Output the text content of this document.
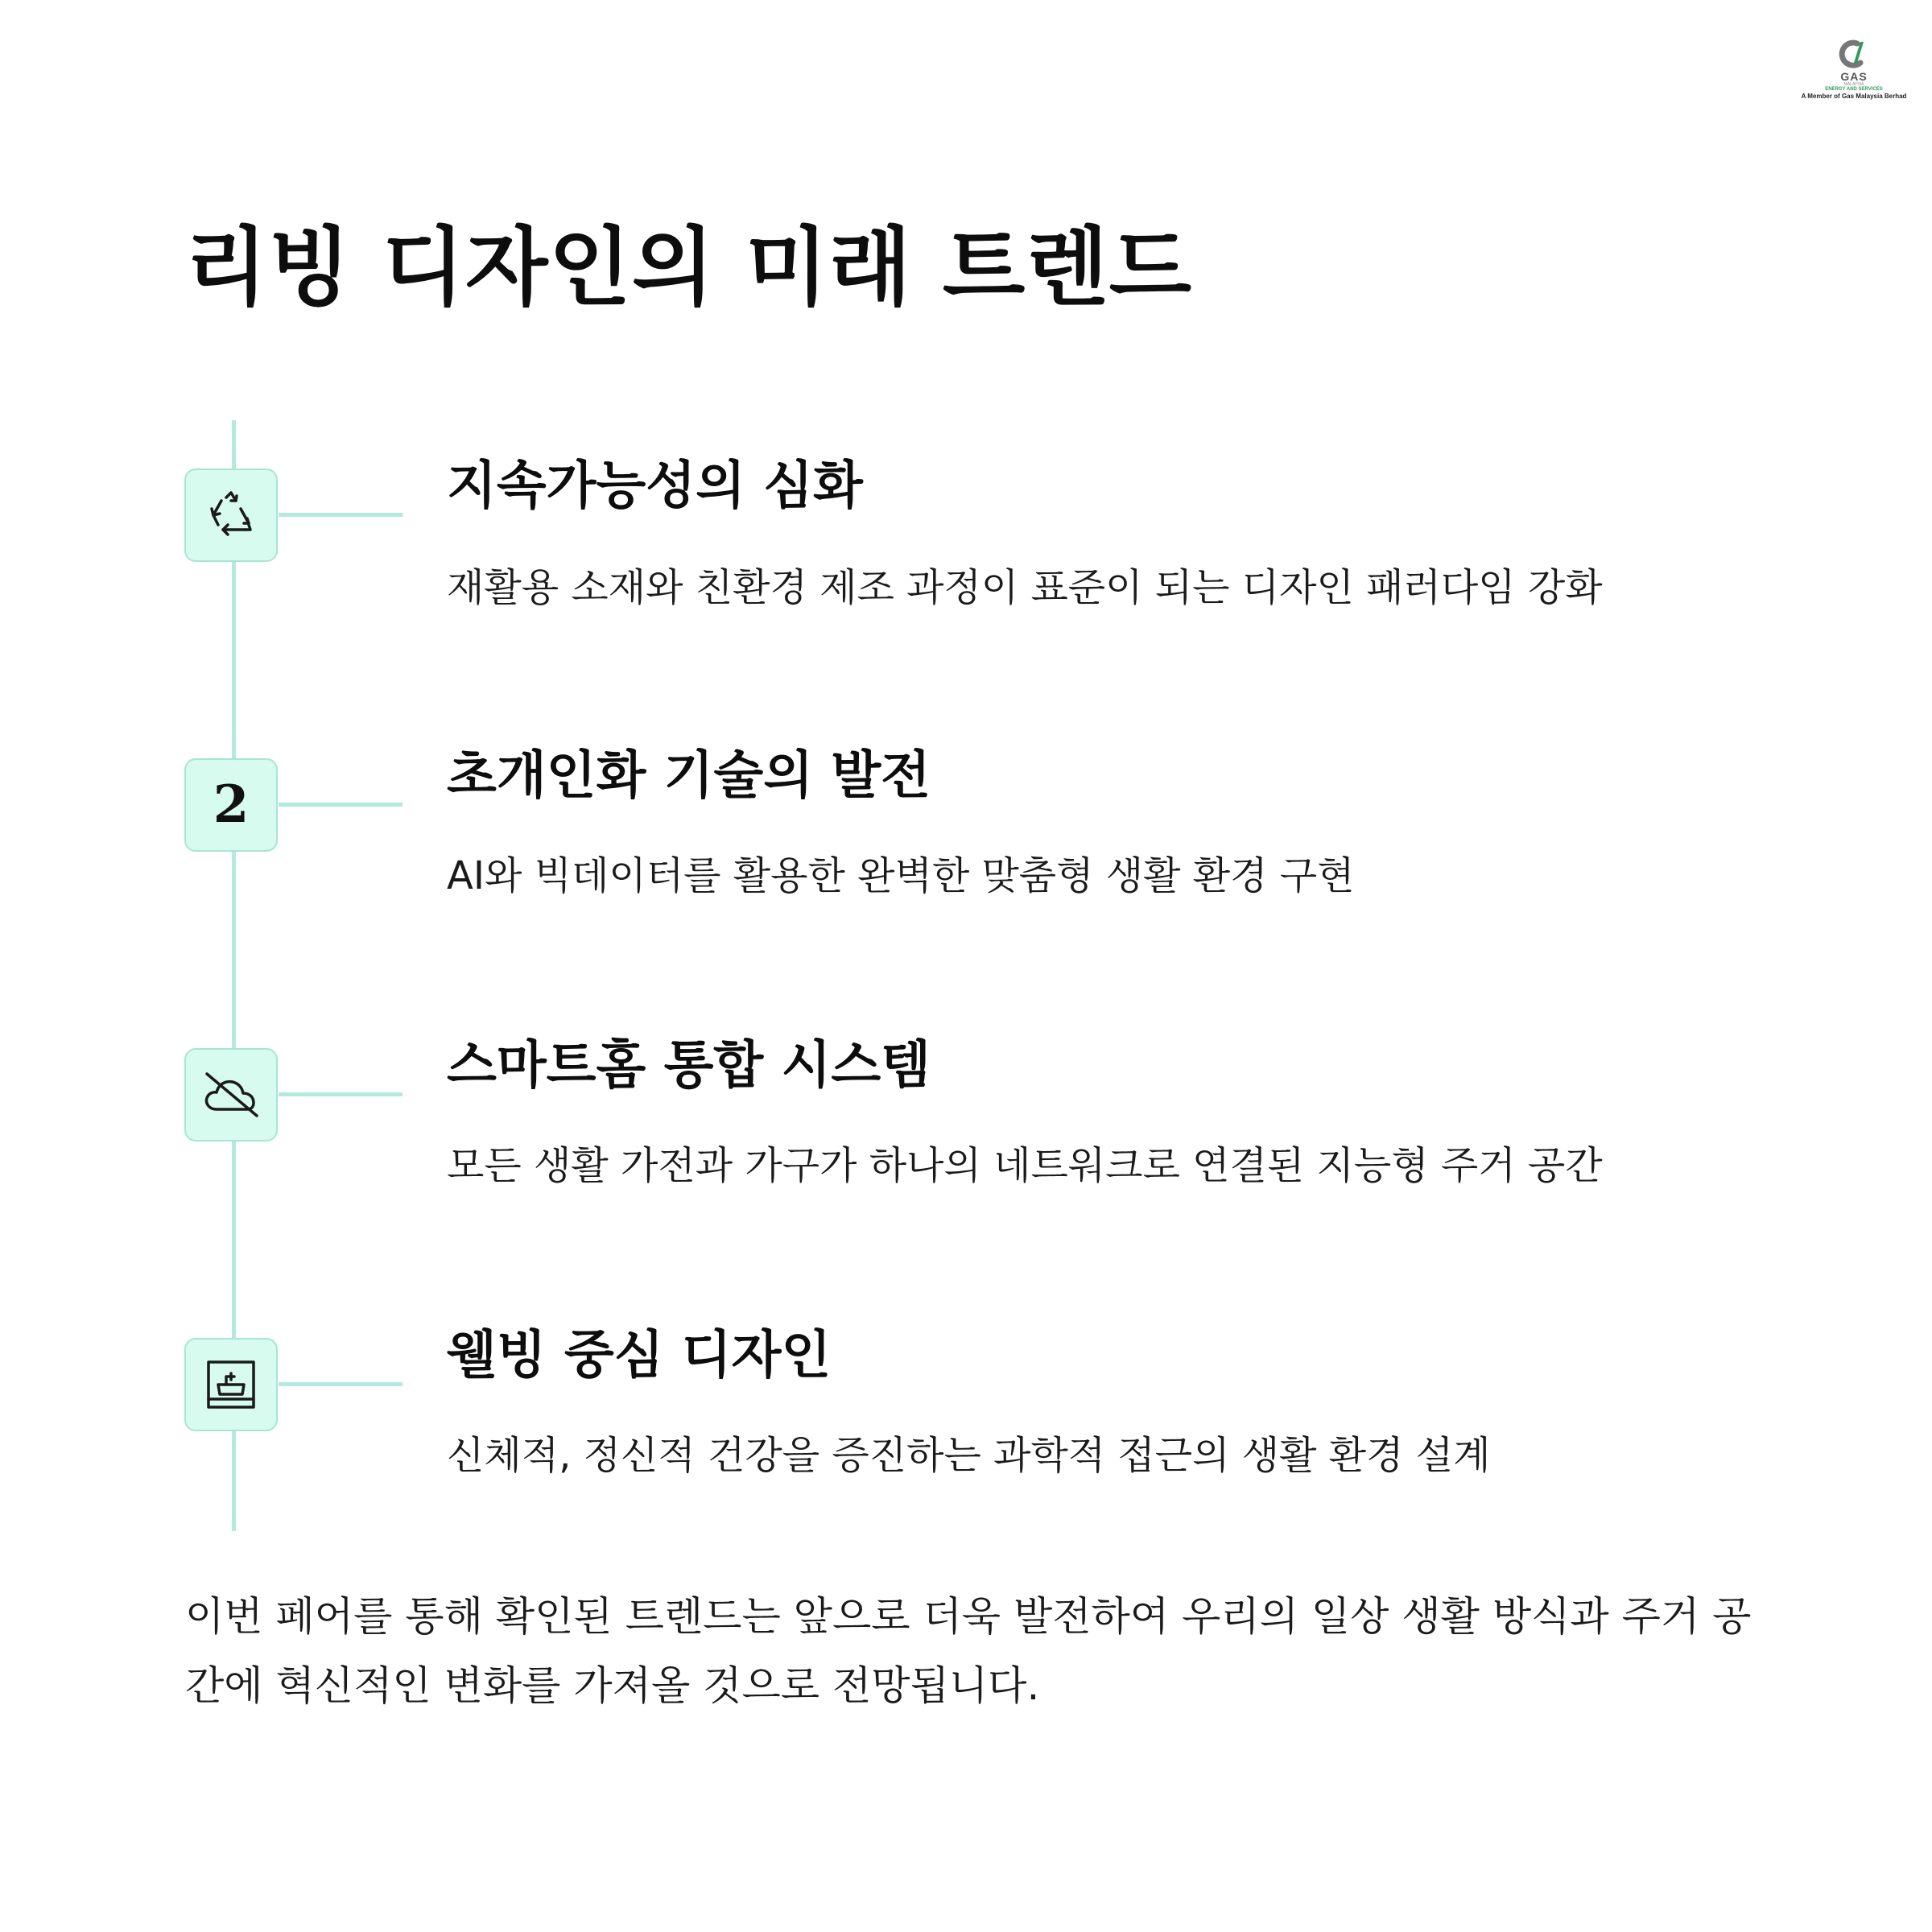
GAS
MALAYSIA
ENERGY AND SERVICES
A Member of Gas Malaysia Berhad
리빙 디자인의 미래 트렌드
지속가능성의 심화

재활용 소재와 친환경 제조 과정이 표준이 되는 디자인 패러다임 강화

2	초개인화 기술의 발전

AI와 빅데이터를 활용한 완벽한 맞춤형 생활 환경 구현

스마트홈 통합 시스템

모든 생활 가전과 가구가 하나의 네트워크로 연결된 지능형 주거 공간

웰빙 중심 디자인

신체적, 정신적 건강을 증진하는 과학적 접근의 생활 환경 설계

이번 페어를 통해 확인된 트렌드는 앞으로 더욱 발전하여 우리의 일상 생활 방식과 주거 공간에 혁신적인 변화를 가져올 것으로 전망됩니다.
